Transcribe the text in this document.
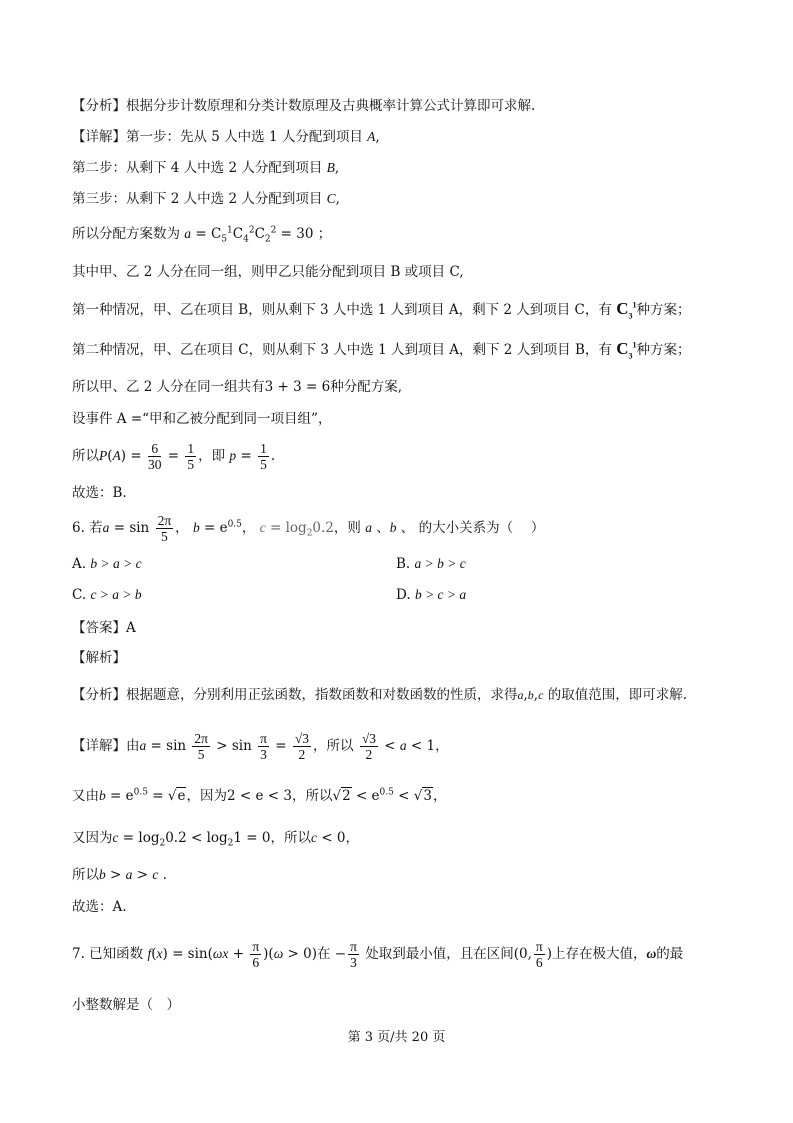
【分析】根据分步计数原理和分类计数原理及古典概率计算公式计算即可求解.
【详解】第一步：先从 5 人中选 1 人分配到项目 A,
第二步：从剩下 4 人中选 2 人分配到项目 B,
第三步：从剩下 2 人中选 2 人分配到项目 C,
所以分配方案数为 $a = C_5^1C_4^2C_2^2 = 30$ ；
其中甲、乙 2 人分在同一组，则甲乙只能分配到项目 B 或项目 C,
第一种情况，甲、乙在项目 B，则从剩下 3 人中选 1 人到项目 A，剩下 2 人到项目 C，有 $C_3^1$种方案；
第二种情况，甲、乙在项目 C，则从剩下 3 人中选 1 人到项目 A，剩下 2 人到项目 B，有 $C_3^1$种方案；
所以甲、乙 2 人分在同一组共有3 + 3 = 6种分配方案,
设事件 A =“甲和乙被分配到同一项目组”，
所以$P(A) = \frac{6}{30} = \frac{1}{5}$ ，即 $p = \frac{1}{5}$ .
故选：B.
6. 若$a = \sin \frac{2\pi}{5}$ ， $b = e^{0.5}$， $c = \log_20.2$，则 a 、b 、 的大小关系为（　 ）
A. b > a > c	B. a > b > c
C. c > a > b	D. b > c > a
【答案】A
【解析】
【分析】根据题意，分别利用正弦函数，指数函数和对数函数的性质，求得a,b,c 的取值范围，即可求解.
【详解】由$a = \sin \frac{2\pi}{5} > \sin \frac{\pi}{3} = \frac{√3}{2}$ ，所以 $\frac{√3}{2} < a < 1$，
又由$b = e^{0.5} = √e$，因为2 < e < 3，所以$√2 < e^{0.5} < √3$，
又因为$c = \log_20.2 < \log_21 = 0$，所以c < 0，
所以b > a > c .
故选：A.
7. 已知函数 $f(x) = \sin(\omega x + \frac{\pi}{6} )(\omega > 0)$在 − $\frac{\pi}{3}$ 处取到最小值，且在区间(0, $\frac{\pi}{6}$ )上存在极大值，ω的最
小整数解是（　）
第 3 页/共 20 页
